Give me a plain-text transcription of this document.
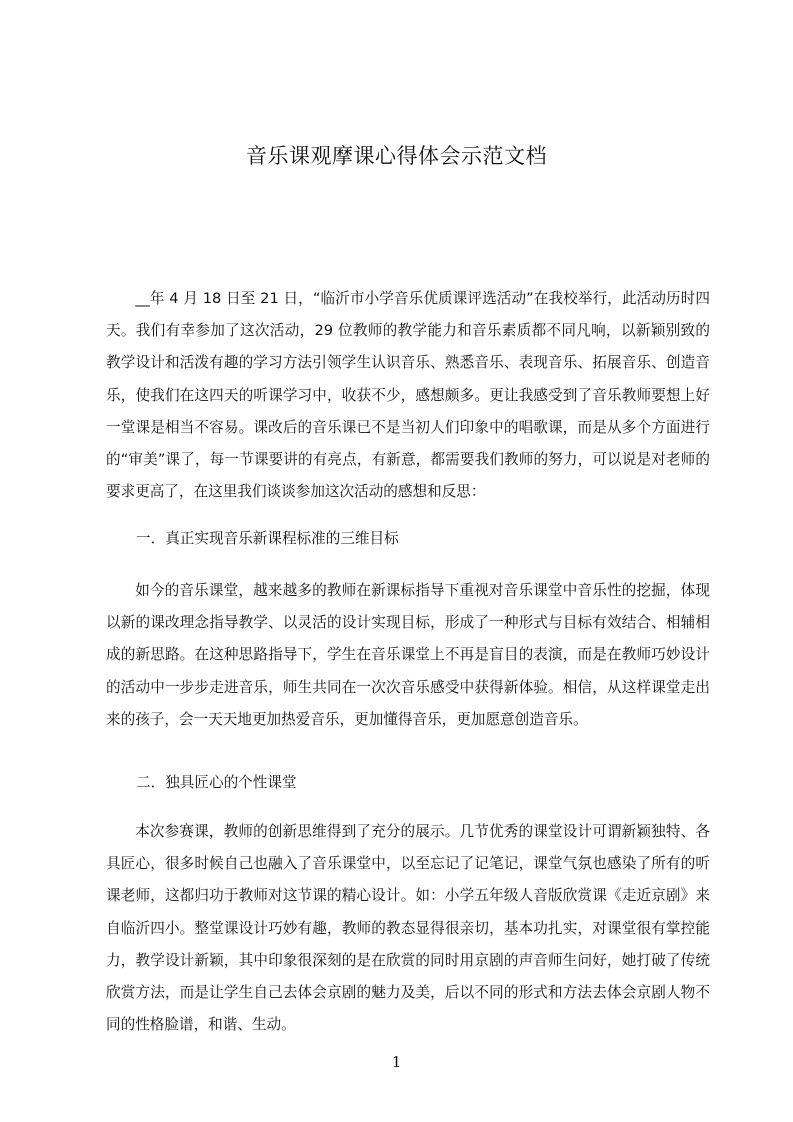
音乐课观摩课心得体会示范文档
__年 4 月 18 日至 21 日，“临沂市小学音乐优质课评选活动”在我校举行，此活动历时四天。我们有幸参加了这次活动，29 位教师的教学能力和音乐素质都不同凡响，以新颖别致的教学设计和活泼有趣的学习方法引领学生认识音乐、熟悉音乐、表现音乐、拓展音乐、创造音乐，使我们在这四天的听课学习中，收获不少，感想颇多。更让我感受到了音乐教师要想上好一堂课是相当不容易。课改后的音乐课已不是当初人们印象中的唱歌课，而是从多个方面进行的“审美”课了，每一节课要讲的有亮点，有新意，都需要我们教师的努力，可以说是对老师的要求更高了，在这里我们谈谈参加这次活动的感想和反思：
一．真正实现音乐新课程标准的三维目标
如今的音乐课堂，越来越多的教师在新课标指导下重视对音乐课堂中音乐性的挖掘，体现以新的课改理念指导教学、以灵活的设计实现目标，形成了一种形式与目标有效结合、相辅相成的新思路。在这种思路指导下，学生在音乐课堂上不再是盲目的表演，而是在教师巧妙设计的活动中一步步走进音乐，师生共同在一次次音乐感受中获得新体验。相信，从这样课堂走出来的孩子，会一天天地更加热爱音乐，更加懂得音乐，更加愿意创造音乐。
二．独具匠心的个性课堂
本次参赛课，教师的创新思维得到了充分的展示。几节优秀的课堂设计可谓新颖独特、各具匠心，很多时候自己也融入了音乐课堂中，以至忘记了记笔记，课堂气氛也感染了所有的听课老师，这都归功于教师对这节课的精心设计。如：小学五年级人音版欣赏课《走近京剧》来自临沂四小。整堂课设计巧妙有趣，教师的教态显得很亲切，基本功扎实，对课堂很有掌控能力，教学设计新颖，其中印象很深刻的是在欣赏的同时用京剧的声音师生问好，她打破了传统欣赏方法，而是让学生自己去体会京剧的魅力及美，后以不同的形式和方法去体会京剧人物不同的性格脸谱，和谐、生动。
1
